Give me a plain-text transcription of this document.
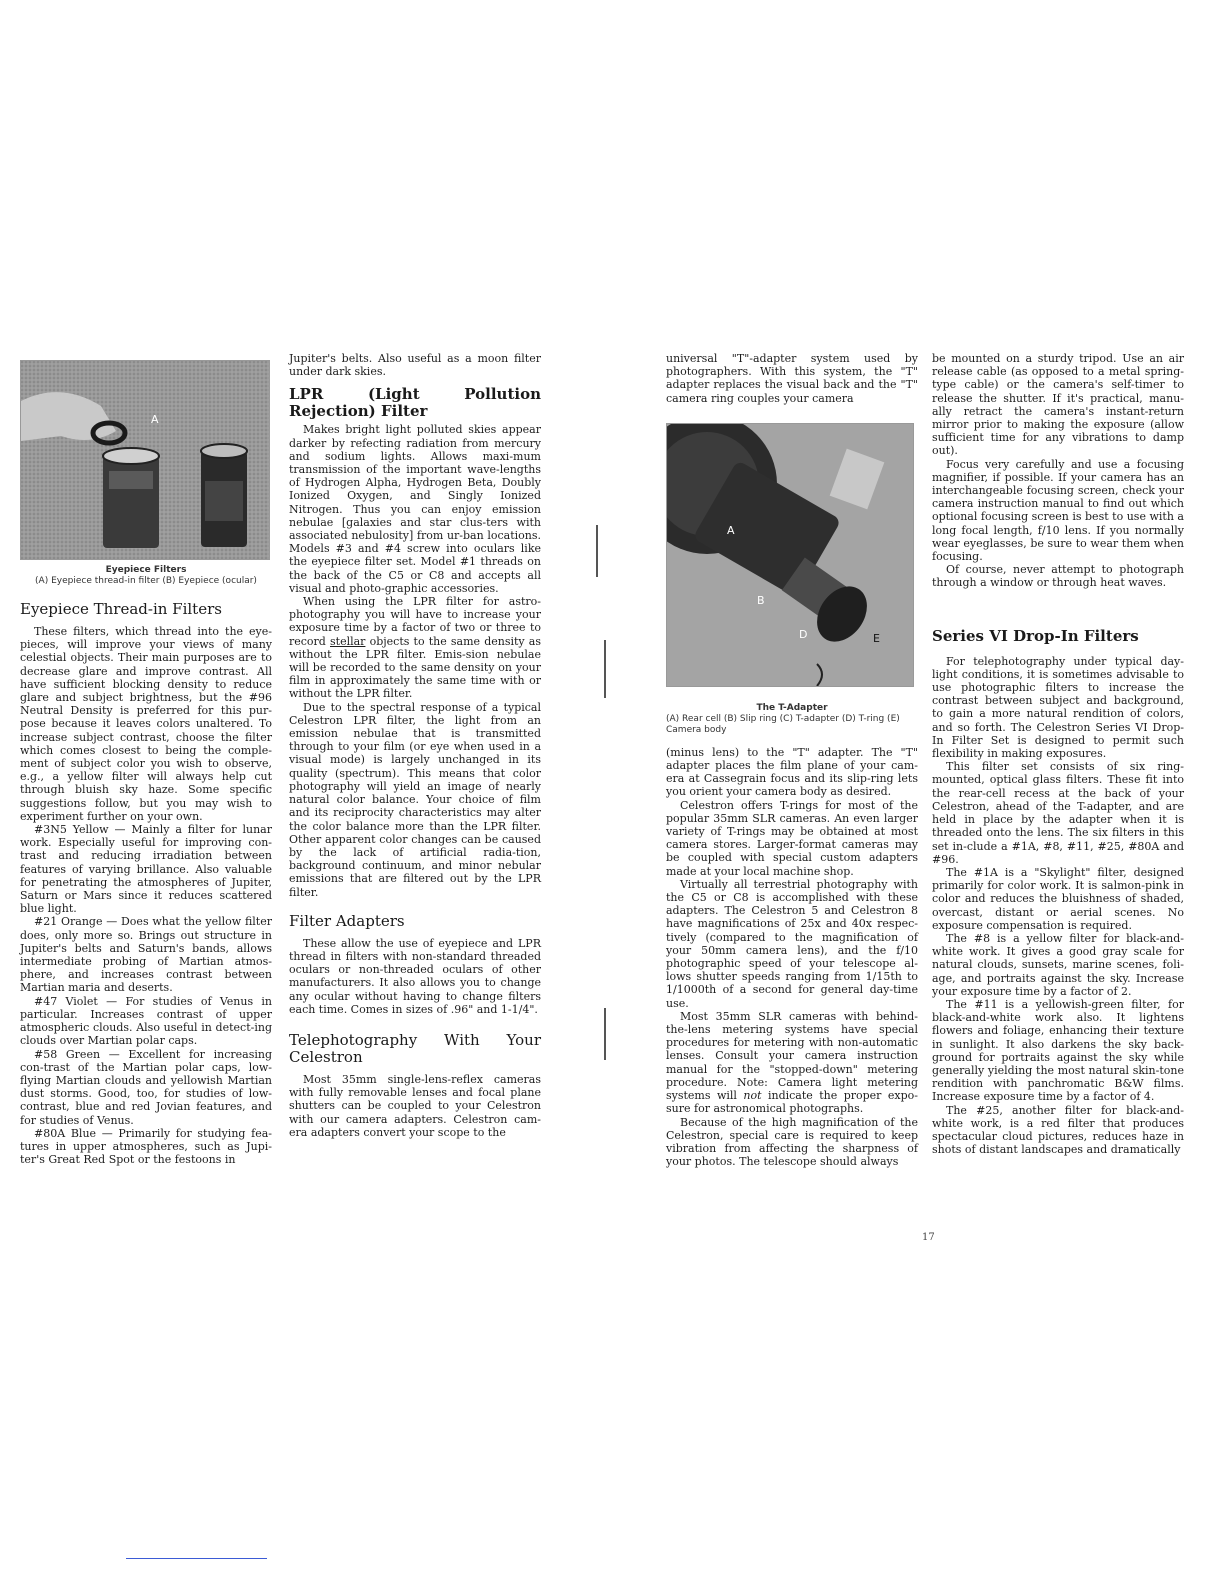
A
Eyepiece Filters
(A) Eyepiece thread-in filter (B) Eyepiece (ocular)
Eyepiece Thread-in Filters

These filters, which thread into the eye-pieces, will improve your views of many celestial objects. Their main purposes are to decrease glare and improve contrast. All have sufficient blocking density to reduce glare and subject brightness, but the #96 Neutral Density is preferred for this pur-pose because it leaves colors unaltered. To increase subject contrast, choose the filter which comes closest to being the comple-ment of subject color you wish to observe, e.g., a yellow filter will always help cut through bluish sky haze. Some specific suggestions follow, but you may wish to experiment further on your own.

#3N5 Yellow — Mainly a filter for lunar work. Especially useful for improving con-trast and reducing irradiation between features of varying brillance. Also valuable for penetrating the atmospheres of Jupiter, Saturn or Mars since it reduces scattered blue light.

#21 Orange — Does what the yellow filter does, only more so. Brings out structure in Jupiter's belts and Saturn's bands, allows intermediate probing of Martian atmos-phere, and increases contrast between Martian maria and deserts.

#47 Violet — For studies of Venus in particular. Increases contrast of upper atmospheric clouds. Also useful in detect-ing clouds over Martian polar caps.

#58 Green — Excellent for increasing con-trast of the Martian polar caps, low-flying Martian clouds and yellowish Martian dust storms. Good, too, for studies of low-contrast, blue and red Jovian features, and for studies of Venus.

#80A Blue — Primarily for studying fea-tures in upper atmospheres, such as Jupi-ter's Great Red Spot or the festoons in

Jupiter's belts. Also useful as a moon filter under dark skies.

LPR (Light Pollution Rejection) Filter

Makes bright light polluted skies appear darker by refecting radiation from mercury and sodium lights. Allows maxi-mum transmission of the important wave-lengths of Hydrogen Alpha, Hydrogen Beta, Doubly Ionized Oxygen, and Singly Ionized Nitrogen. Thus you can enjoy emission nebulae [galaxies and star clus-ters with associated nebulosity] from ur-ban locations. Models #3 and #4 screw into oculars like the eyepiece filter set. Model #1 threads on the back of the C5 or C8 and accepts all visual and photo-graphic accessories.

When using the LPR filter for astro-photography you will have to increase your exposure time by a factor of two or three to record stellar objects to the same density as without the LPR filter. Emis-sion nebulae will be recorded to the same density on your film in approximately the same time with or without the LPR filter.

Due to the spectral response of a typical Celestron LPR filter, the light from an emission nebulae that is transmitted through to your film (or eye when used in a visual mode) is largely unchanged in its quality (spectrum). This means that color photography will yield an image of nearly natural color balance. Your choice of film and its reciprocity characteristics may alter the color balance more than the LPR filter. Other apparent color changes can be caused by the lack of artificial radia-tion, background continuum, and minor nebular emissions that are filtered out by the LPR filter.

Filter Adapters

These allow the use of eyepiece and LPR thread in filters with non-standard threaded oculars or non-threaded oculars of other manufacturers. It also allows you to change any ocular without having to change filters each time. Comes in sizes of .96" and 1-1/4".

Telephotography With Your Celestron

Most 35mm single-lens-reflex cameras with fully removable lenses and focal plane shutters can be coupled to your Celestron with our camera adapters. Celestron cam-era adapters convert your scope to the

universal "T"-adapter system used by photographers. With this system, the "T" adapter replaces the visual back and the "T" camera ring couples your camera

A
B
D	E
The T-Adapter
(A) Rear cell (B) Slip ring (C) T-adapter (D) T-ring (E) Camera body

(minus lens) to the "T" adapter. The "T" adapter places the film plane of your cam-era at Cassegrain focus and its slip-ring lets you orient your camera body as desired.

Celestron offers T-rings for most of the popular 35mm SLR cameras. An even larger variety of T-rings may be obtained at most camera stores. Larger-format cameras may be coupled with special custom adapters made at your local machine shop.

Virtually all terrestrial photography with the C5 or C8 is accomplished with these adapters. The Celestron 5 and Celestron 8 have magnifications of 25x and 40x respec-tively (compared to the magnification of your 50mm camera lens), and the f/10 photographic speed of your telescope al-lows shutter speeds ranging from 1/15th to 1/1000th of a second for general day-time use.

Most 35mm SLR cameras with behind-the-lens metering systems have special procedures for metering with non-automatic lenses. Consult your camera instruction manual for the "stopped-down" metering procedure. Note: Camera light metering systems will not indicate the proper expo-sure for astronomical photographs.

Because of the high magnification of the Celestron, special care is required to keep vibration from affecting the sharpness of your photos. The telescope should always

be mounted on a sturdy tripod. Use an air release cable (as opposed to a metal spring-type cable) or the camera's self-timer to release the shutter. If it's practical, manu-ally retract the camera's instant-return mirror prior to making the exposure (allow sufficient time for any vibrations to damp out).

Focus very carefully and use a focusing magnifier, if possible. If your camera has an interchangeable focusing screen, check your camera instruction manual to find out which optional focusing screen is best to use with a long focal length, f/10 lens. If you normally wear eyeglasses, be sure to wear them when focusing.

Of course, never attempt to photograph through a window or through heat waves.

Series VI Drop-In Filters

For telephotography under typical day-light conditions, it is sometimes advisable to use photographic filters to increase the contrast between subject and background, to gain a more natural rendition of colors, and so forth. The Celestron Series VI Drop-In Filter Set is designed to permit such flexibility in making exposures.

This filter set consists of six ring-mounted, optical glass filters. These fit into the rear-cell recess at the back of your Celestron, ahead of the T-adapter, and are held in place by the adapter when it is threaded onto the lens. The six filters in this set in-clude a #1A, #8, #11, #25, #80A and #96.

The #1A is a "Skylight" filter, designed primarily for color work. It is salmon-pink in color and reduces the bluishness of shaded, overcast, distant or aerial scenes. No exposure compensation is required.

The #8 is a yellow filter for black-and-white work. It gives a good gray scale for natural clouds, sunsets, marine scenes, foli-age, and portraits against the sky. Increase your exposure time by a factor of 2.

The #11 is a yellowish-green filter, for black-and-white work also. It lightens flowers and foliage, enhancing their texture in sunlight. It also darkens the sky back-ground for portraits against the sky while generally yielding the most natural skin-tone rendition with panchromatic B&W films. Increase exposure time by a factor of 4.

The #25, another filter for black-and-white work, is a red filter that produces spectacular cloud pictures, reduces haze in shots of distant landscapes and dramatically

17
